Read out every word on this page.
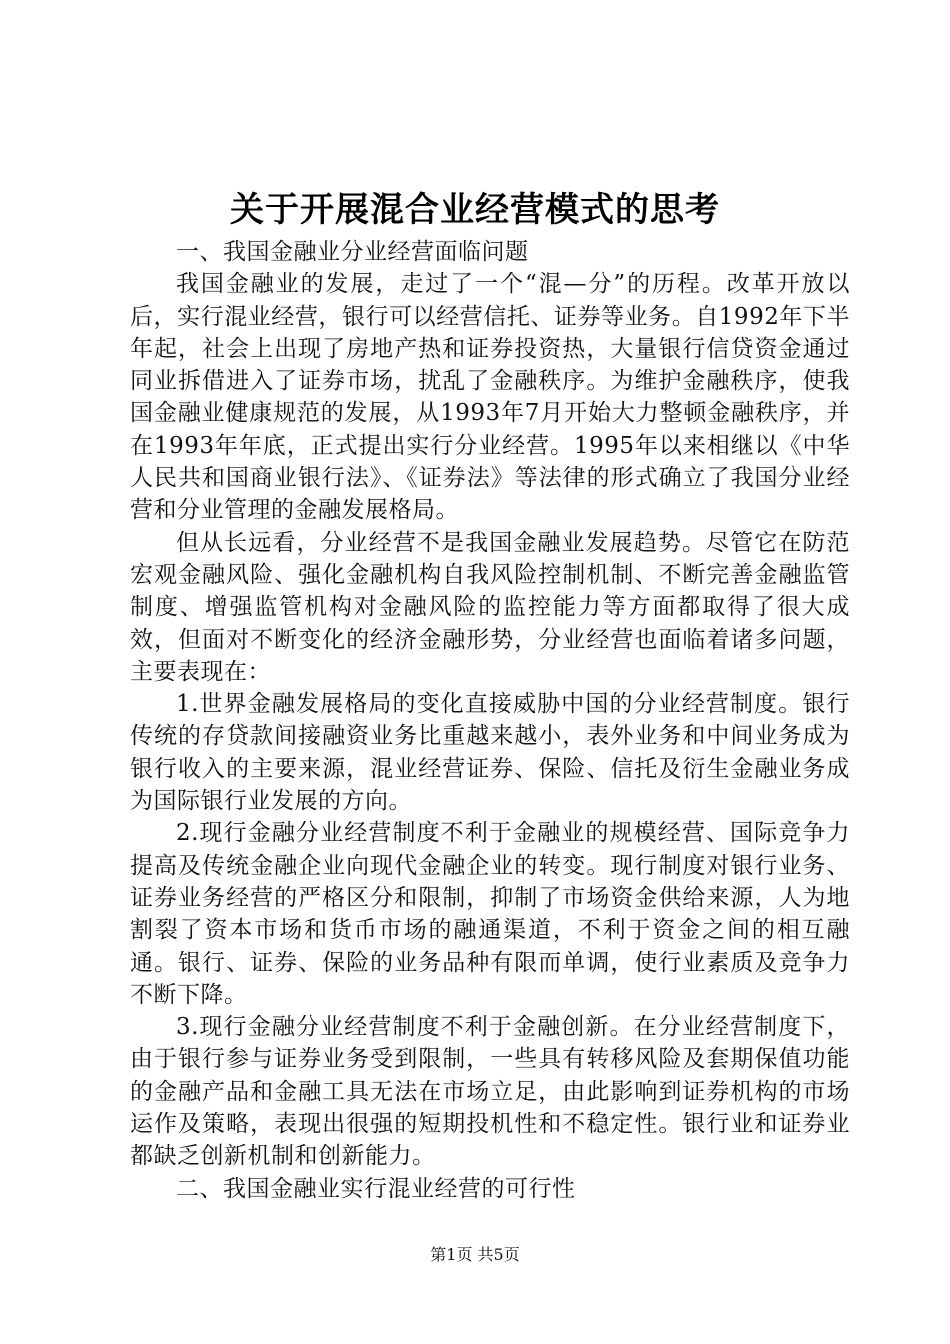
关于开展混合业经营模式的思考

一、我国金融业分业经营面临问题

我国金融业的发展，走过了一个“混—分”的历程。改革开放以后，实行混业经营，银行可以经营信托、证券等业务。自1992年下半年起，社会上出现了房地产热和证券投资热，大量银行信贷资金通过同业拆借进入了证券市场，扰乱了金融秩序。为维护金融秩序，使我国金融业健康规范的发展，从1993年7月开始大力整顿金融秩序，并在1993年年底，正式提出实行分业经营。1995年以来相继以《中华人民共和国商业银行法》、《证券法》等法律的形式确立了我国分业经营和分业管理的金融发展格局。

但从长远看，分业经营不是我国金融业发展趋势。尽管它在防范宏观金融风险、强化金融机构自我风险控制机制、不断完善金融监管制度、增强监管机构对金融风险的监控能力等方面都取得了很大成效，但面对不断变化的经济金融形势，分业经营也面临着诸多问题，主要表现在：

1.世界金融发展格局的变化直接威胁中国的分业经营制度。银行传统的存贷款间接融资业务比重越来越小，表外业务和中间业务成为银行收入的主要来源，混业经营证券、保险、信托及衍生金融业务成为国际银行业发展的方向。

2.现行金融分业经营制度不利于金融业的规模经营、国际竞争力提高及传统金融企业向现代金融企业的转变。现行制度对银行业务、证券业务经营的严格区分和限制，抑制了市场资金供给来源，人为地割裂了资本市场和货币市场的融通渠道，不利于资金之间的相互融通。银行、证券、保险的业务品种有限而单调，使行业素质及竞争力不断下降。

3.现行金融分业经营制度不利于金融创新。在分业经营制度下，由于银行参与证券业务受到限制，一些具有转移风险及套期保值功能的金融产品和金融工具无法在市场立足，由此影响到证券机构的市场运作及策略，表现出很强的短期投机性和不稳定性。银行业和证券业都缺乏创新机制和创新能力。

二、我国金融业实行混业经营的可行性

第1页 共5页
